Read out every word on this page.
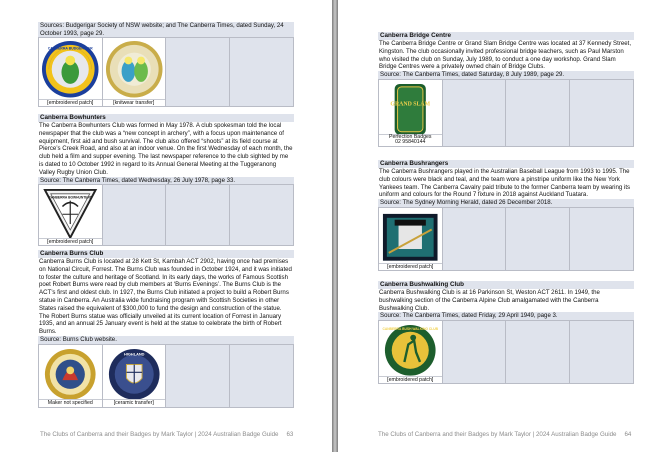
Sources: Budgerigar Society of NSW website; and The Canberra Times, dated Sunday, 24 October 1993, page 29.
CANBERRA BUDGERIGAR
[embroidered patch]	[knitwear transfer]
Canberra Bowhunters
The Canberra Bowhunters Club was formed in May 1978. A club spokesman told the local newspaper that the club was a “new concept in archery”, with a focus upon maintenance of equipment, first aid and bush survival. The club also offered “shoots” at its field course at Pierce’s Creek Road, and also at an indoor venue. On the first Wednesday of each month, the club held a film and supper evening. The last newspaper reference to the club sighted by me is dated to 10 October 1992 in regard to its Annual General Meeting at the Tuggeranong Valley Rugby Union Club.
Source: The Canberra Times, dated Wednesday, 26 July 1978, page 33.
CANBERRA BOWHUNTERS
[embroidered patch]
Canberra Burns Club
Canberra Burns Club is located at 28 Kett St, Kambah ACT 2902, having once had premises on National Circuit, Forrest. The Burns Club was founded in October 1924, and it was initiated to foster the culture and heritage of Scotland. In its early days, the works of Famous Scottish poet Robert Burns were read by club members at ‘Burns Evenings’. The Burns Club is the ACT’s first and oldest club. In 1927, the Burns Club initiated a project to build a Robert Burns statue in Canberra. An Australia wide fundraising program with Scottish Societies in other States raised the equivalent of $300,000 to fund the design and construction of the statue. The Robert Burns statue was officially unveiled at its current location of Forrest in January 1935, and an annual 25 January event is held at the statue to celebrate the birth of Robert Burns.
Source: Burns Club website.
Maker not specified
HIGHLAND
[ceramic transfer]
The Clubs of Canberra and their Badges by Mark Taylor | 2024 Australian Badge Guide 63
Canberra Bridge Centre
The Canberra Bridge Centre or Grand Slam Bridge Centre was located at 37 Kennedy Street, Kingston. The club occasionally invited professional bridge teachers, such as Paul Marston who visited the club on Sunday, July 1989, to conduct a one day workshop. Grand Slam Bridge Centres were a privately owned chain of Bridge Clubs.
Source: The Canberra Times, dated Saturday, 8 July 1989, page 29.
GRAND SLAM
Perfection Badges
02 95840144
Canberra Bushrangers
The Canberra Bushrangers played in the Australian Baseball League from 1993 to 1995. The club colours were black and teal, and the team wore a pinstripe uniform like the New York Yankees team. The Canberra Cavalry paid tribute to the former Canberra team by wearing its uniform and colours for the Round 7 fixture in 2018 against Auckland Tuatara.
Source: The Sydney Morning Herald, dated 26 December 2018.
[embroidered patch]
Canberra Bushwalking Club
Canberra Bushwalking Club is at 16 Parkinson St, Weston ACT 2611. In 1949, the bushwalking section of the Canberra Alpine Club amalgamated with the Canberra Bushwalking Club.
Source: The Canberra Times, dated Friday, 29 April 1949, page 3.
CANBERRA BUSH WALKING CLUB
[embroidered patch]
The Clubs of Canberra and their Badges by Mark Taylor | 2024 Australian Badge Guide 64
